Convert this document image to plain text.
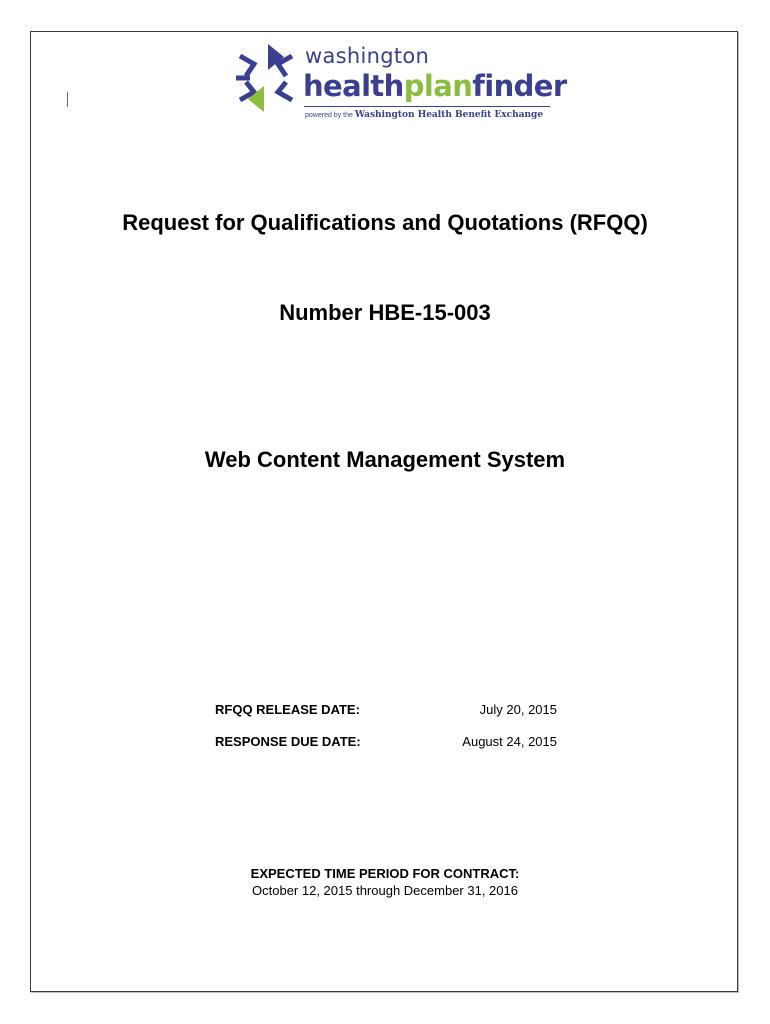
washington
healthplanfinder
powered by the Washington Health Benefit Exchange
Request for Qualifications and Quotations (RFQQ)
Number HBE-15-003
Web Content Management System
RFQQ RELEASE DATE:	July 20, 2015
RESPONSE DUE DATE:	August 24, 2015
EXPECTED TIME PERIOD FOR CONTRACT:
October 12, 2015 through December 31, 2016
